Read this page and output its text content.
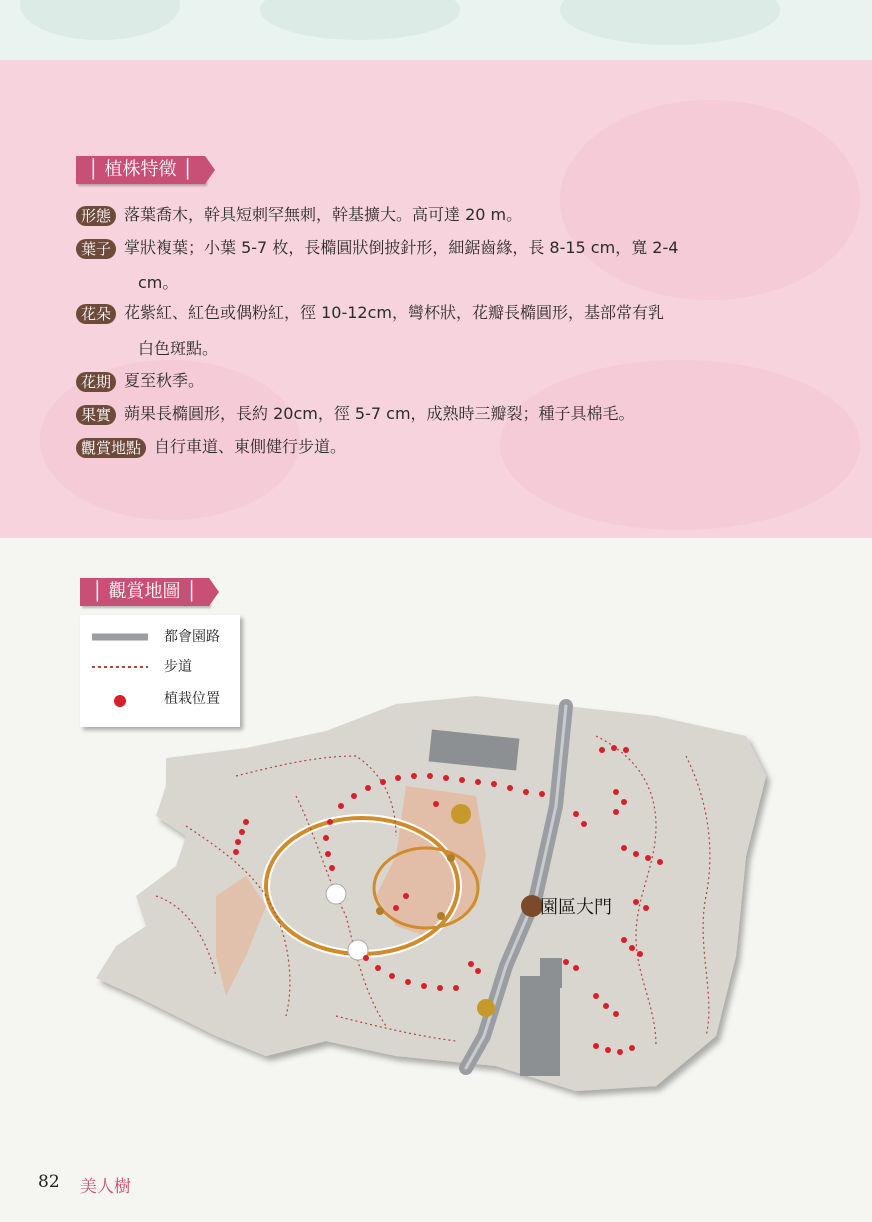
│ 植株特徵 │
形態 落葉喬木，幹具短刺罕無刺，幹基擴大。高可達 20 m。
葉子 掌狀複葉；小葉 5-7 枚，長橢圓狀倒披針形，細鋸齒緣，長 8-15 cm，寬 2-4
cm。
花朵 花紫紅、紅色或偶粉紅，徑 10-12cm，彎杯狀，花瓣長橢圓形，基部常有乳
白色斑點。
花期 夏至秋季。
果實 蒴果長橢圓形，長約 20cm，徑 5-7 cm，成熟時三瓣裂；種子具棉毛。
觀賞地點 自行車道、東側健行步道。
│ 觀賞地圖 │
園區大門
都會園路
步道
植栽位置
82 美人樹
